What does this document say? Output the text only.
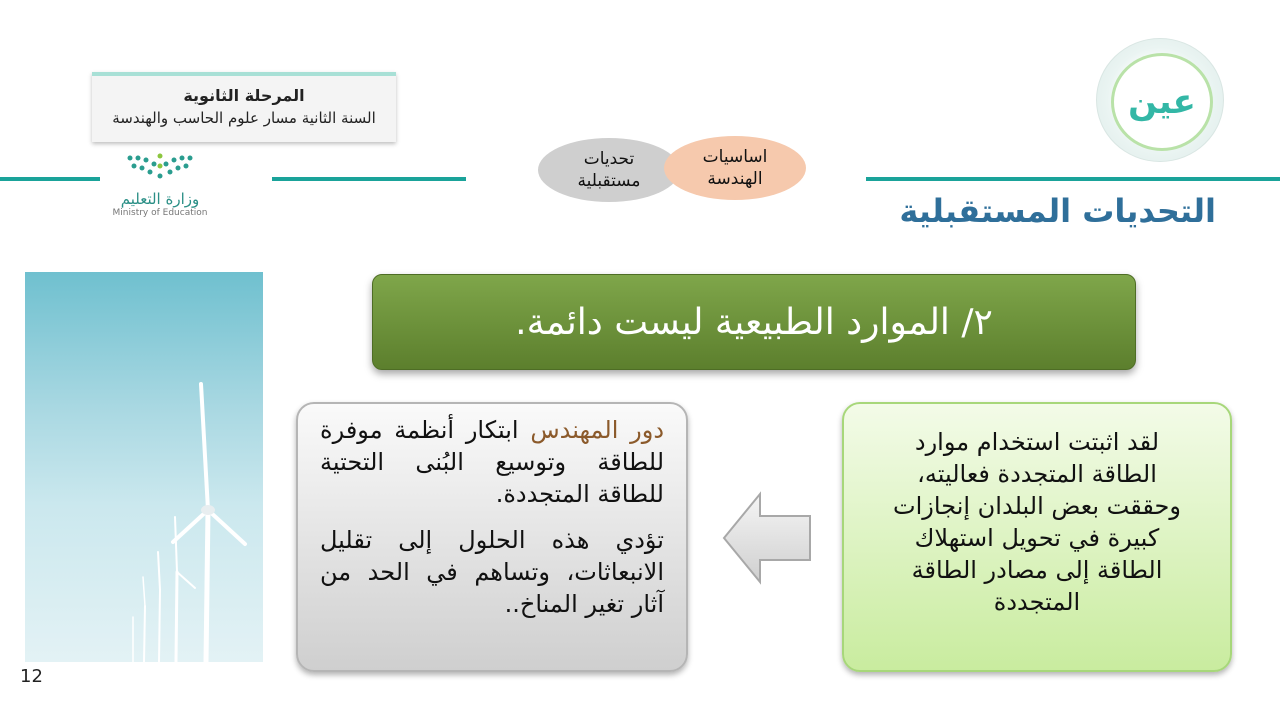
المرحلة الثانوية
السنة الثانية مسار علوم الحاسب والهندسة
وزارة التعليم
Ministry of Education
تحديات مستقبلية
اساسيات الهندسة
عين
التحديات المستقبلية
٢/ الموارد الطبيعية ليست دائمة.
لقد اثبتت استخدام موارد الطاقة المتجددة فعاليته، وحققت بعض البلدان إنجازات كبيرة في تحويل استهلاك الطاقة إلى مصادر الطاقة المتجددة

دور المهندس ابتكار أنظمة موفرة للطاقة وتوسيع البُنى التحتية للطاقة المتجددة.

تؤدي هذه الحلول إلى تقليل الانبعاثات، وتساهم في الحد من آثار تغير المناخ..

12
